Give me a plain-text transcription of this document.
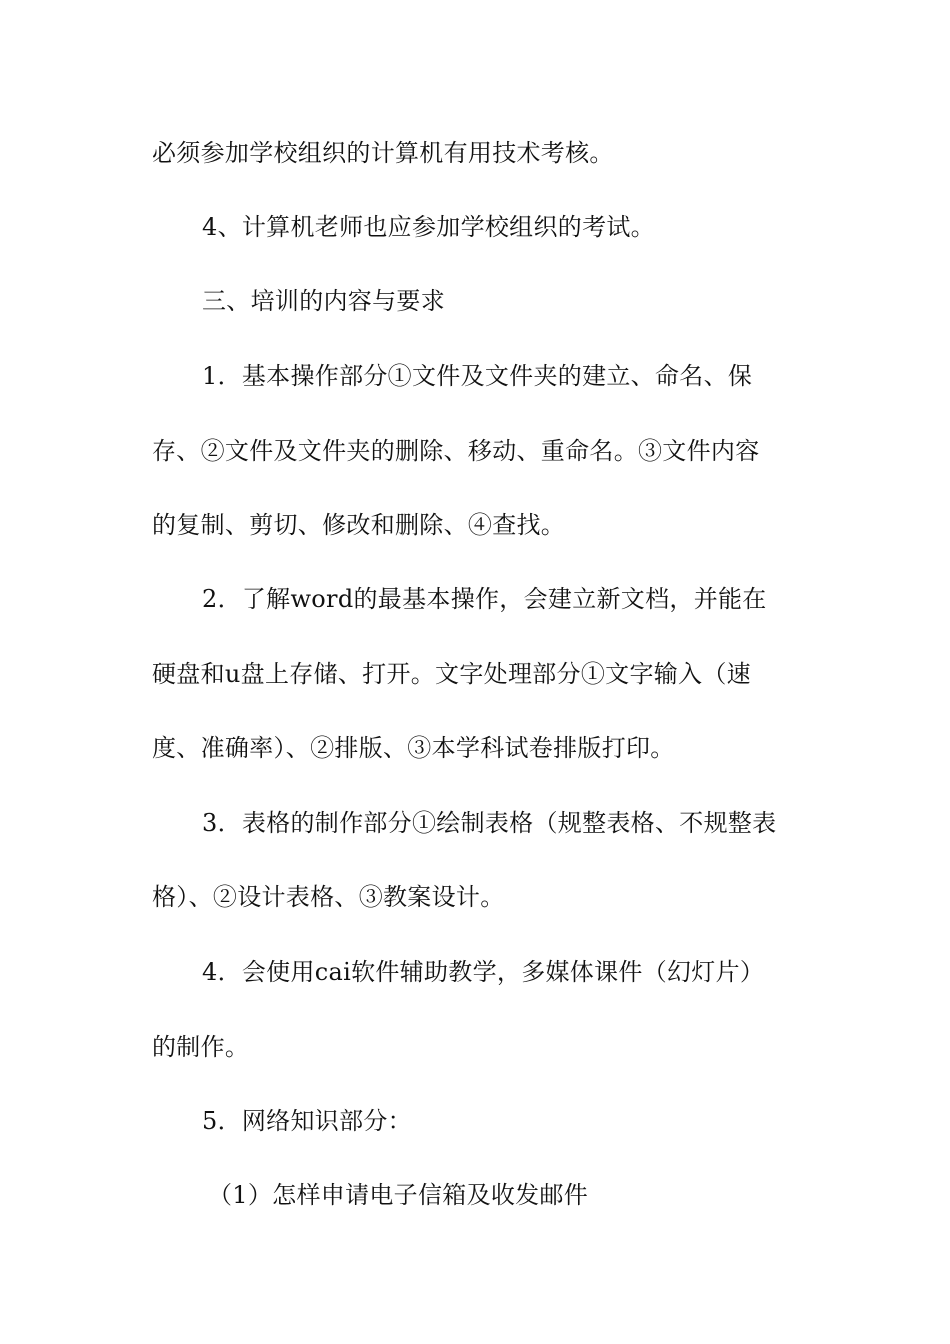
必须参加学校组织的计算机有用技术考核。
4、计算机老师也应参加学校组织的考试。
三、培训的内容与要求
1．基本操作部分①文件及文件夹的建立、命名、保
存、②文件及文件夹的删除、移动、重命名。③文件内容
的复制、剪切、修改和删除、④查找。
2．了解word的最基本操作，会建立新文档，并能在
硬盘和u盘上存储、打开。文字处理部分①文字输入（速
度、准确率）、②排版、③本学科试卷排版打印。
3．表格的制作部分①绘制表格（规整表格、不规整表
格）、②设计表格、③教案设计。
4．会使用cai软件辅助教学，多媒体课件（幻灯片）
的制作。
5．网络知识部分：
（1）怎样申请电子信箱及收发邮件
